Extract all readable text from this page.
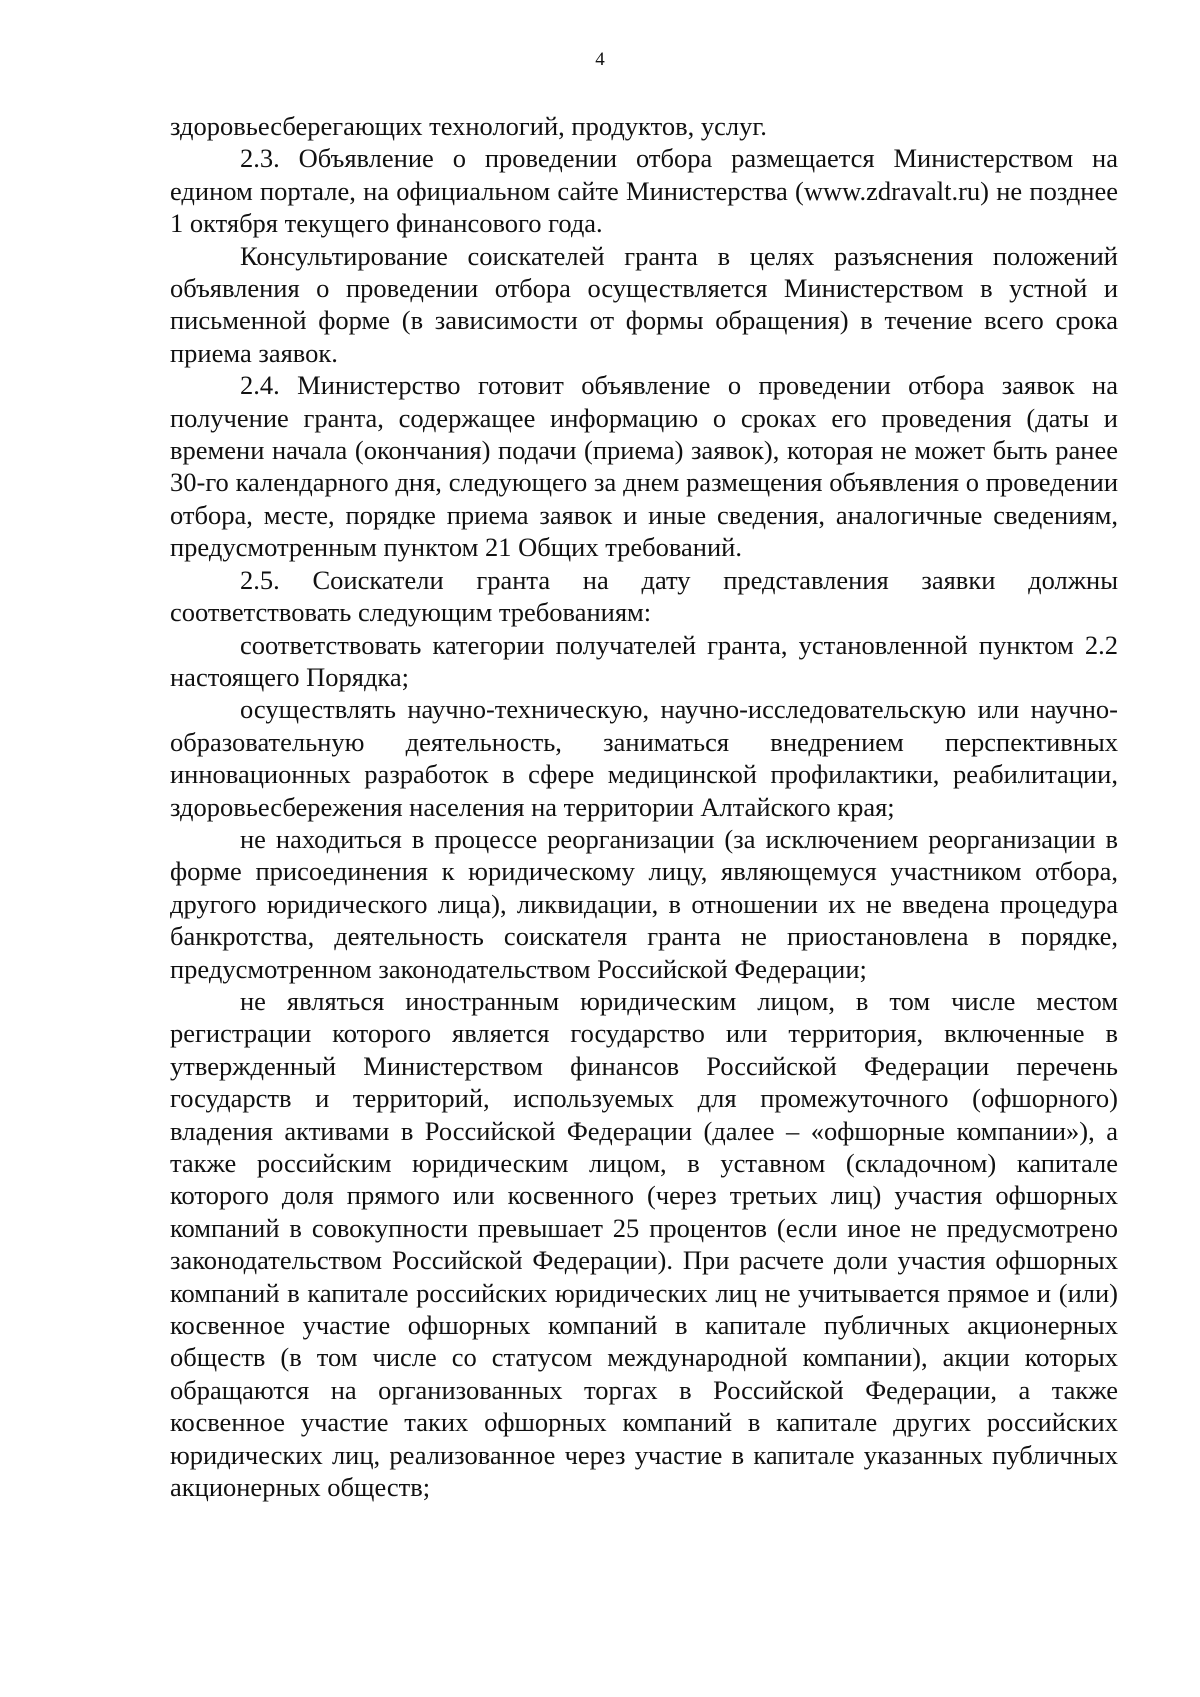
4

здоровьесберегающих технологий, продуктов, услуг.

2.3. Объявление о проведении отбора размещается Министерством на едином портале, на официальном сайте Министерства (www.zdravalt.ru) не позднее 1 октября текущего финансового года.

Консультирование соискателей гранта в целях разъяснения положений объявления о проведении отбора осуществляется Министерством в устной и письменной форме (в зависимости от формы обращения) в течение всего срока приема заявок.

2.4. Министерство готовит объявление о проведении отбора заявок на получение гранта, содержащее информацию о сроках его проведения (даты и времени начала (окончания) подачи (приема) заявок), которая не может быть ранее 30-го календарного дня, следующего за днем размещения объявления о проведении отбора, месте, порядке приема заявок и иные сведения, аналогичные сведениям, предусмотренным пунктом 21 Общих требований.

2.5. Соискатели гранта на дату представления заявки должны соответствовать следующим требованиям:

соответствовать категории получателей гранта, установленной пунктом 2.2 настоящего Порядка;

осуществлять научно-техническую, научно-исследовательскую или научно-образовательную деятельность, заниматься внедрением перспективных инновационных разработок в сфере медицинской профилактики, реабилитации, здоровьесбережения населения на территории Алтайского края;

не находиться в процессе реорганизации (за исключением реорганизации в форме присоединения к юридическому лицу, являющемуся участником отбора, другого юридического лица), ликвидации, в отношении их не введена процедура банкротства, деятельность соискателя гранта не приостановлена в порядке, предусмотренном законодательством Российской Федерации;

не являться иностранным юридическим лицом, в том числе местом регистрации которого является государство или территория, включенные в утвержденный Министерством финансов Российской Федерации перечень государств и территорий, используемых для промежуточного (офшорного) владения активами в Российской Федерации (далее – «офшорные компании»), а также российским юридическим лицом, в уставном (складочном) капитале которого доля прямого или косвенного (через третьих лиц) участия офшорных компаний в совокупности превышает 25 процентов (если иное не предусмотрено законодательством Российской Федерации). При расчете доли участия офшорных компаний в капитале российских юридических лиц не учитывается прямое и (или) косвенное участие офшорных компаний в капитале публичных акционерных обществ (в том числе со статусом международной компании), акции которых обращаются на организованных торгах в Российской Федерации, а также косвенное участие таких офшорных компаний в капитале других российских юридических лиц, реализованное через участие в капитале указанных публичных акционерных обществ;
